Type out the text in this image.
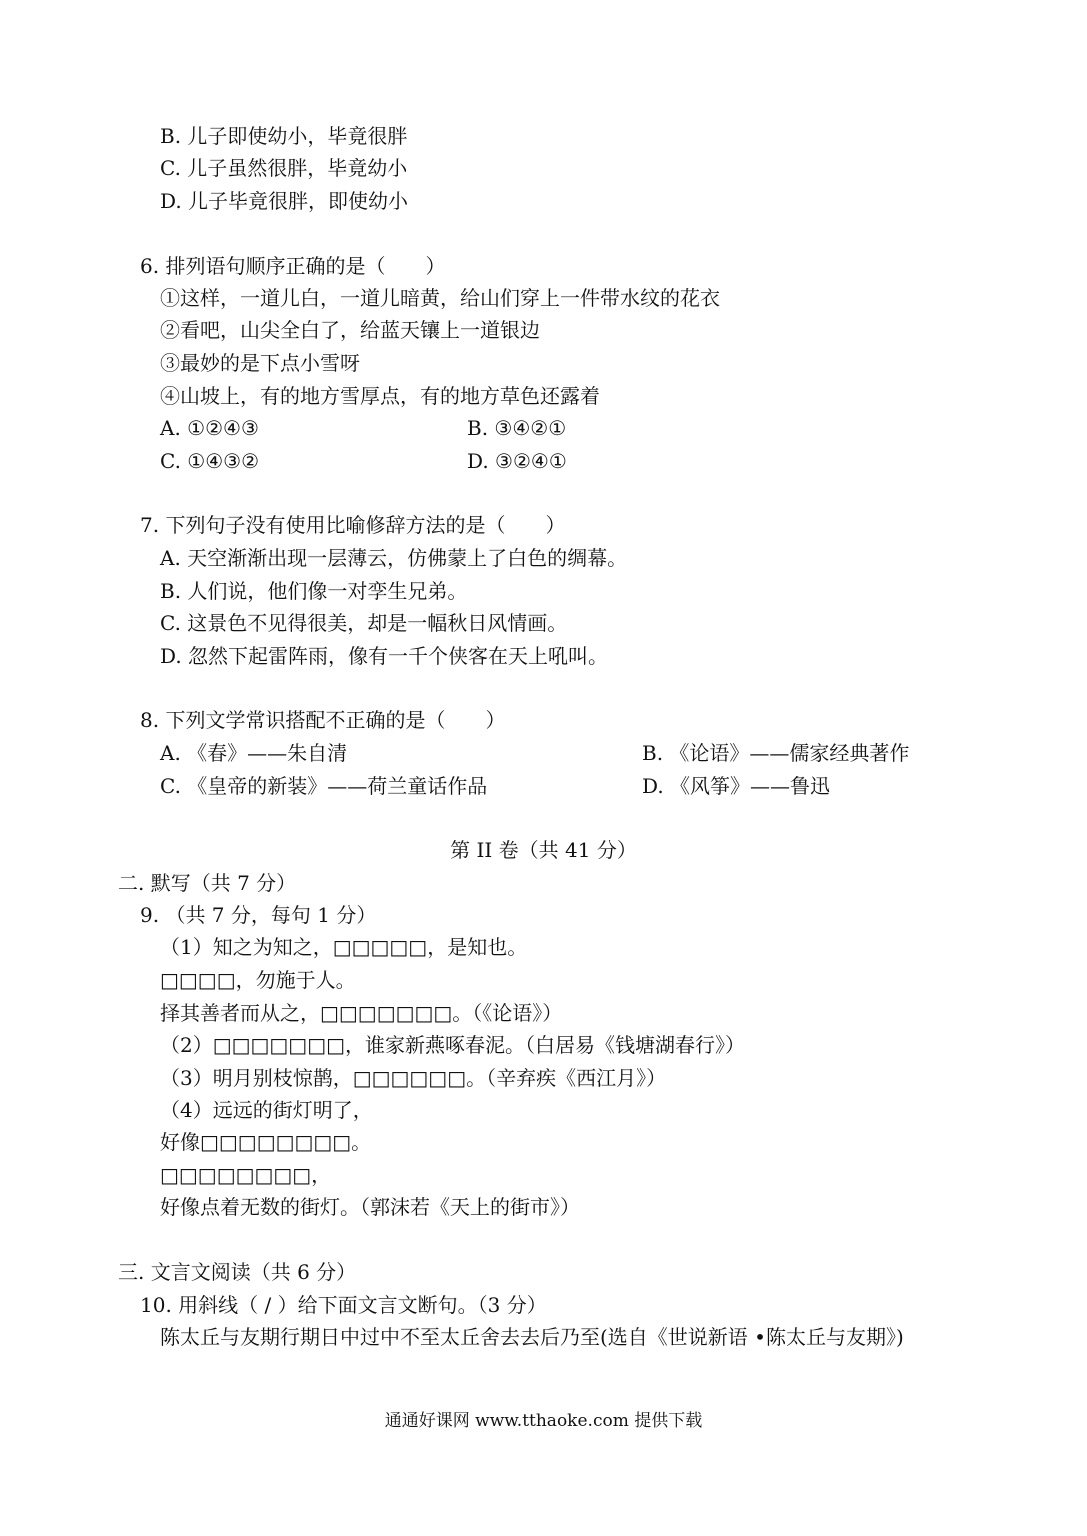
B. 儿子即使幼小，毕竟很胖
C. 儿子虽然很胖，毕竟幼小
D. 儿子毕竟很胖，即使幼小
6. 排列语句顺序正确的是（　　）
①这样，一道儿白，一道儿暗黄，给山们穿上一件带水纹的花衣
②看吧，山尖全白了，给蓝天镶上一道银边
③最妙的是下点小雪呀
④山坡上，有的地方雪厚点，有的地方草色还露着
A. ①②④③	B. ③④②①
C. ①④③②	D. ③②④①
7. 下列句子没有使用比喻修辞方法的是（　　）
A. 天空渐渐出现一层薄云，仿佛蒙上了白色的绸幕。
B. 人们说，他们像一对孪生兄弟。
C. 这景色不见得很美，却是一幅秋日风情画。
D. 忽然下起雷阵雨，像有一千个侠客在天上吼叫。
8. 下列文学常识搭配不正确的是（　　）
A. 《春》——朱自清	B. 《论语》——儒家经典著作
C. 《皇帝的新装》——荷兰童话作品	D. 《风筝》——鲁迅
第 II 卷（共 41 分）
二. 默写（共 7 分）
9. （共 7 分，每句 1 分）
（1）知之为知之，□□□□□，是知也。
□□□□，勿施于人。
择其善者而从之，□□□□□□□。（《论语》）
（2）□□□□□□□，谁家新燕啄春泥。（白居易《钱塘湖春行》）
（3）明月别枝惊鹊，□□□□□□。（辛弃疾《西江月》）
（4）远远的街灯明了，
好像□□□□□□□□。
□□□□□□□□，
好像点着无数的街灯。（郭沫若《天上的街市》）
三. 文言文阅读（共 6 分）
10. 用斜线（ / ）给下面文言文断句。（3 分）
陈太丘与友期行期日中过中不至太丘舍去去后乃至(选自《世说新语 •陈太丘与友期》)
通通好课网 www.tthaoke.com 提供下载
